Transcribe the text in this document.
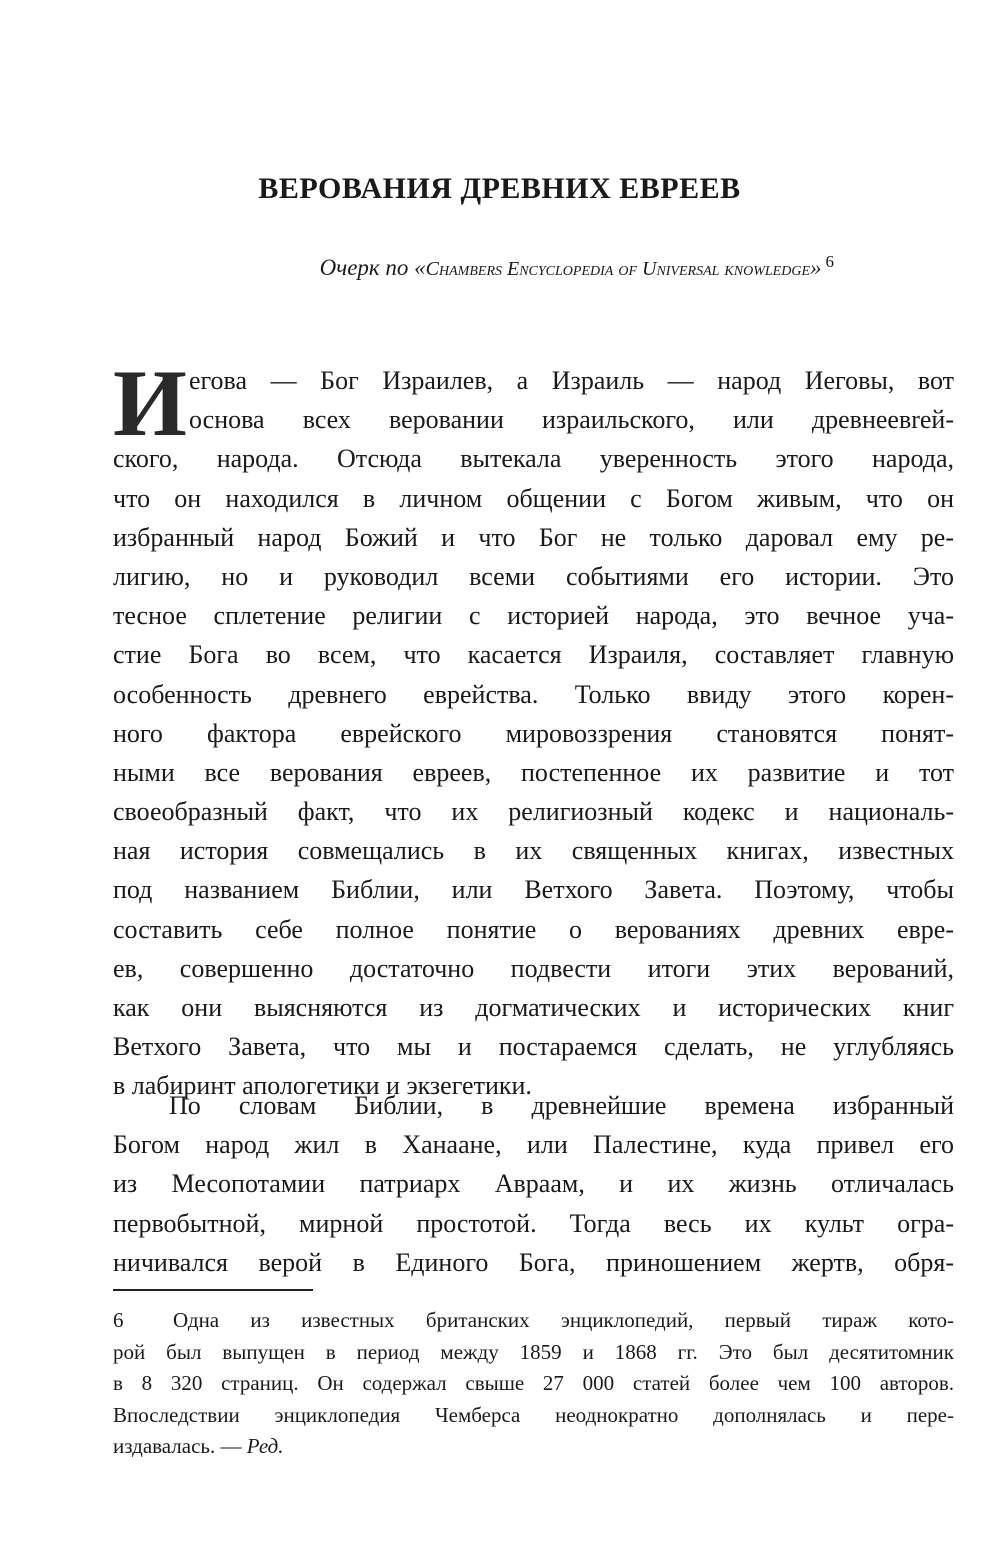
ВЕРОВАНИЯ ДРЕВНИХ ЕВРЕЕВ

Очерк по «Chambers Encyclopedia of Universal knowledge» $^6$

И егова — Бог Израилев, а Израиль — народ Иеговы, вот
основа всех веровании израильского, или древнеевrей-
ского, народа. Отсюда вытекала уверенность этого народа,
что он находился в личном общении с Богом живым, что он
избранный народ Божий и что Бог не только даровал ему ре-
лигию, но и руководил всеми событиями его истории. Это
тесное сплетение религии с историей народа, это вечное уча-
стие Бога во всем, что касается Израиля, составляет главную
особенность древнего еврейства. Только ввиду этого корен-
ного фактора еврейского мировоззрения становятся понят-
ными все верования евреев, постепенное их развитие и тот
своеобразный факт, что их религиозный кодекс и националь-
ная история совмещались в их священных книгах, известных
под названием Библии, или Ветхого Завета. Поэтому, чтобы
составить себе полное понятие о верованиях древних евре-
ев, совершенно достаточно подвести итоги этих верований,
как они выясняются из догматических и исторических книг
Ветхого Завета, что мы и постараемся сделать, не углубляясь
в лабиринт апологетики и экзегетики.
По словам Библии, в древнейшие времена избранный
Богом народ жил в Ханаане, или Палестине, куда привел его
из Месопотамии патриарх Авраам, и их жизнь отличалась
первобытной, мирной простотой. Тогда весь их культ огра-
ничивался верой в Единого Бога, приношением жертв, обря-
6	Одна из известных британских энциклопедий, первый тираж кото-
рой был выпущен в период между 1859 и 1868 гг. Это был десятитомник
в 8 320 страниц. Он содержал свыше 27 000 статей более чем 100 авторов.
Впоследствии энциклопедия Чемберса неоднократно дополнялась и пере-
издавалась. — Ред.
